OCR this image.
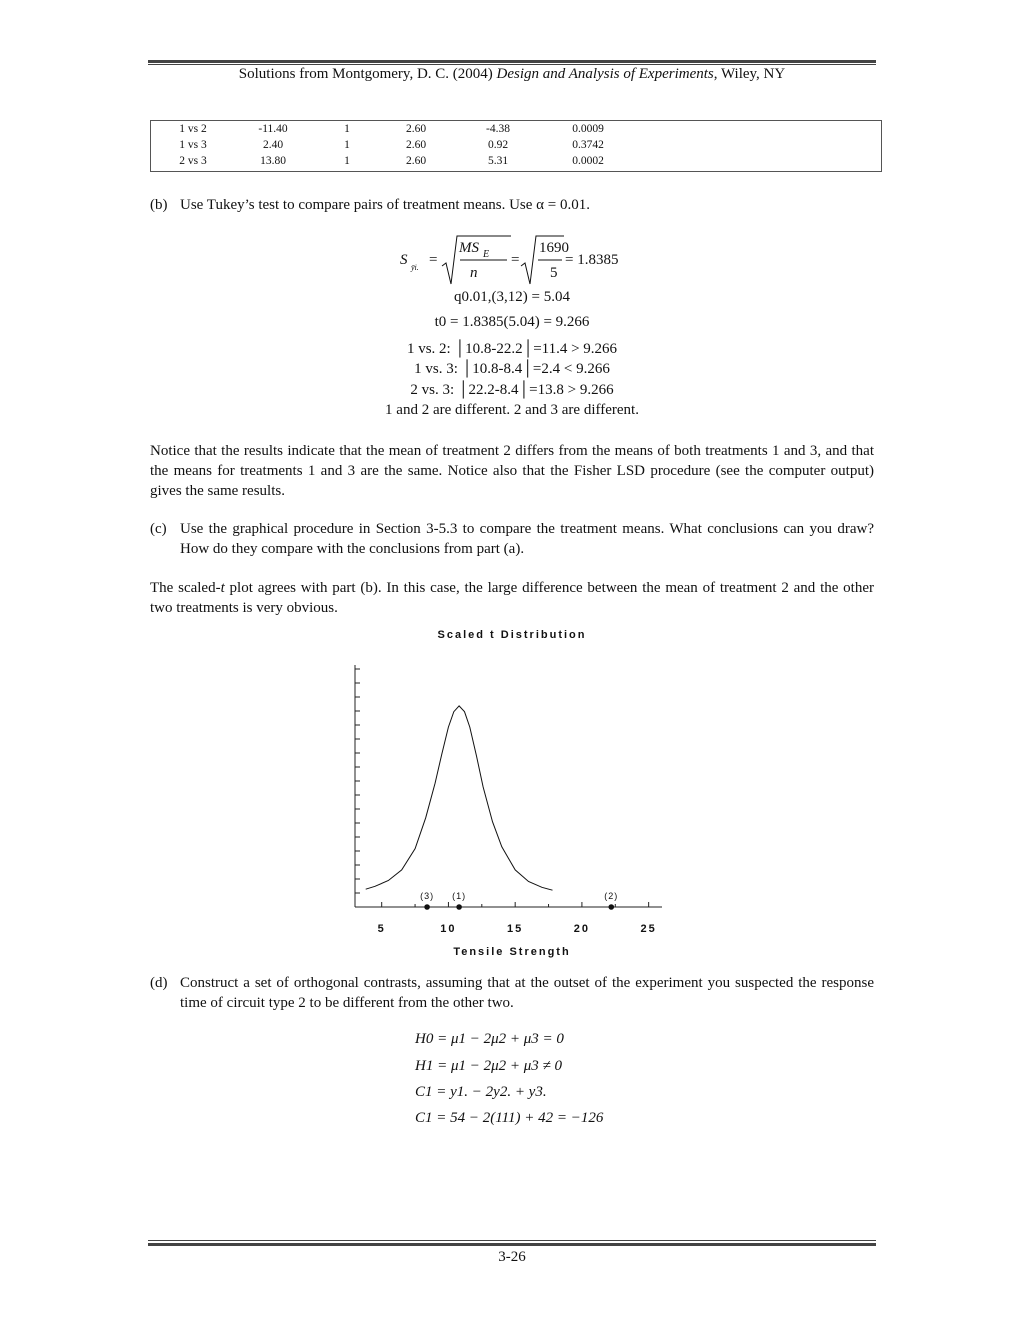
Solutions from Montgomery, D. C. (2004) Design and Analysis of Experiments, Wiley, NY
1 vs 2	-11.40	1	2.60	-4.38	0.0009
1 vs 3	2.40	1	2.60	0.92	0.3742
2 vs 3	13.80	1	2.60	5.31	0.0002
(b) Use Tukey’s test to compare pairs of treatment means. Use α = 0.01.
S ȳi. =
MS E
n
=
1690
5
= 1.8385
q0.01,(3,12) = 5.04
t0 = 1.8385(5.04) = 9.266
1 vs. 2: │10.8-22.2│=11.4 > 9.266
1 vs. 3: │10.8-8.4│=2.4 < 9.266
2 vs. 3: │22.2-8.4│=13.8 > 9.266
1 and 2 are different. 2 and 3 are different.
Notice that the results indicate that the mean of treatment 2 differs from the means of both treatments 1 and 3, and that the means for treatments 1 and 3 are the same. Notice also that the Fisher LSD procedure (see the computer output) gives the same results.
(c) Use the graphical procedure in Section 3-5.3 to compare the treatment means. What conclusions can you draw? How do they compare with the conclusions from part (a).
The scaled-t plot agrees with part (b). In this case, the large difference between the mean of treatment 2 and the other two treatments is very obvious.
Scaled t Distribution
5	10	15	20	25
(3) (1)	(2)
Tensile Strength
(d) Construct a set of orthogonal contrasts, assuming that at the outset of the experiment you suspected the response time of circuit type 2 to be different from the other two.
H0 = μ1 − 2μ2 + μ3 = 0
H1 = μ1 − 2μ2 + μ3 ≠ 0
C1 = y1. − 2y2. + y3.
C1 = 54 − 2(111) + 42 = −126
3-26
